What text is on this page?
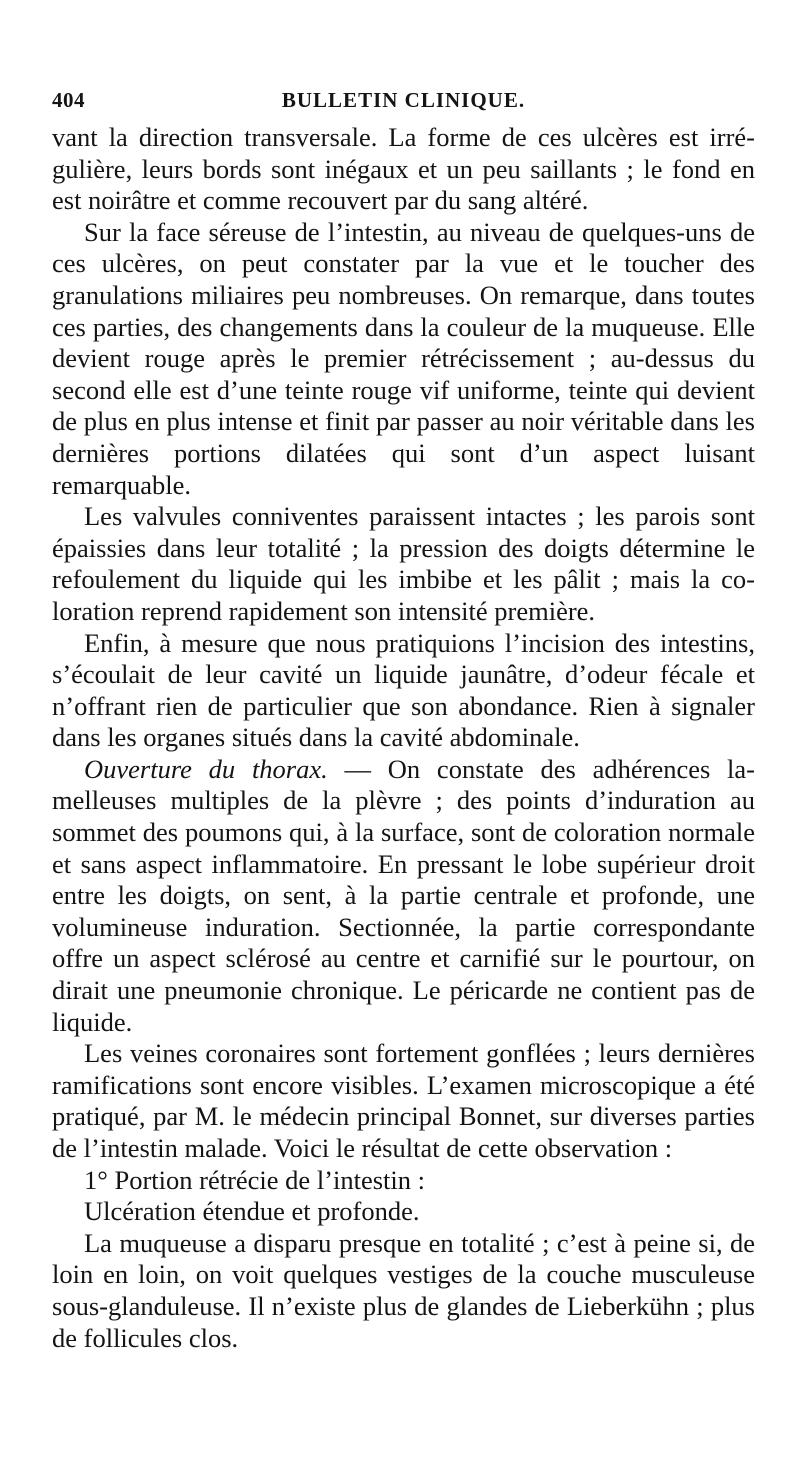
404	BULLETIN CLINIQUE.

vant la direction transversale. La forme de ces ulcères est irrégulière, leurs bords sont inégaux et un peu saillants ; le fond en est noirâtre et comme recouvert par du sang altéré.

Sur la face séreuse de l’intestin, au niveau de quelques-uns de ces ulcères, on peut constater par la vue et le toucher des granulations miliaires peu nombreuses. On remarque, dans toutes ces parties, des changements dans la couleur de la muqueuse. Elle devient rouge après le premier rétrécissement ; au-dessus du second elle est d’une teinte rouge vif uniforme, teinte qui devient de plus en plus intense et finit par passer au noir véritable dans les dernières portions dilatées qui sont d’un aspect luisant remarquable.

Les valvules conniventes paraissent intactes ; les parois sont épaissies dans leur totalité ; la pression des doigts détermine le refoulement du liquide qui les imbibe et les pâlit ; mais la coloration reprend rapidement son intensité première.

Enfin, à mesure que nous pratiquions l’incision des intestins, s’écoulait de leur cavité un liquide jaunâtre, d’odeur fécale et n’offrant rien de particulier que son abondance. Rien à signaler dans les organes situés dans la cavité abdominale.

Ouverture du thorax. — On constate des adhérences lamelleuses multiples de la plèvre ; des points d’induration au sommet des poumons qui, à la surface, sont de coloration normale et sans aspect inflammatoire. En pressant le lobe supérieur droit entre les doigts, on sent, à la partie centrale et profonde, une volumineuse induration. Sectionnée, la partie correspondante offre un aspect sclérosé au centre et carnifié sur le pourtour, on dirait une pneumonie chronique. Le péricarde ne contient pas de liquide.

Les veines coronaires sont fortement gonflées ; leurs dernières ramifications sont encore visibles. L’examen microscopique a été pratiqué, par M. le médecin principal Bonnet, sur diverses parties de l’intestin malade. Voici le résultat de cette observation :

1° Portion rétrécie de l’intestin :

Ulcération étendue et profonde.

La muqueuse a disparu presque en totalité ; c’est à peine si, de loin en loin, on voit quelques vestiges de la couche musculeuse sous-glanduleuse. Il n’existe plus de glandes de Lieberkühn ; plus de follicules clos.
